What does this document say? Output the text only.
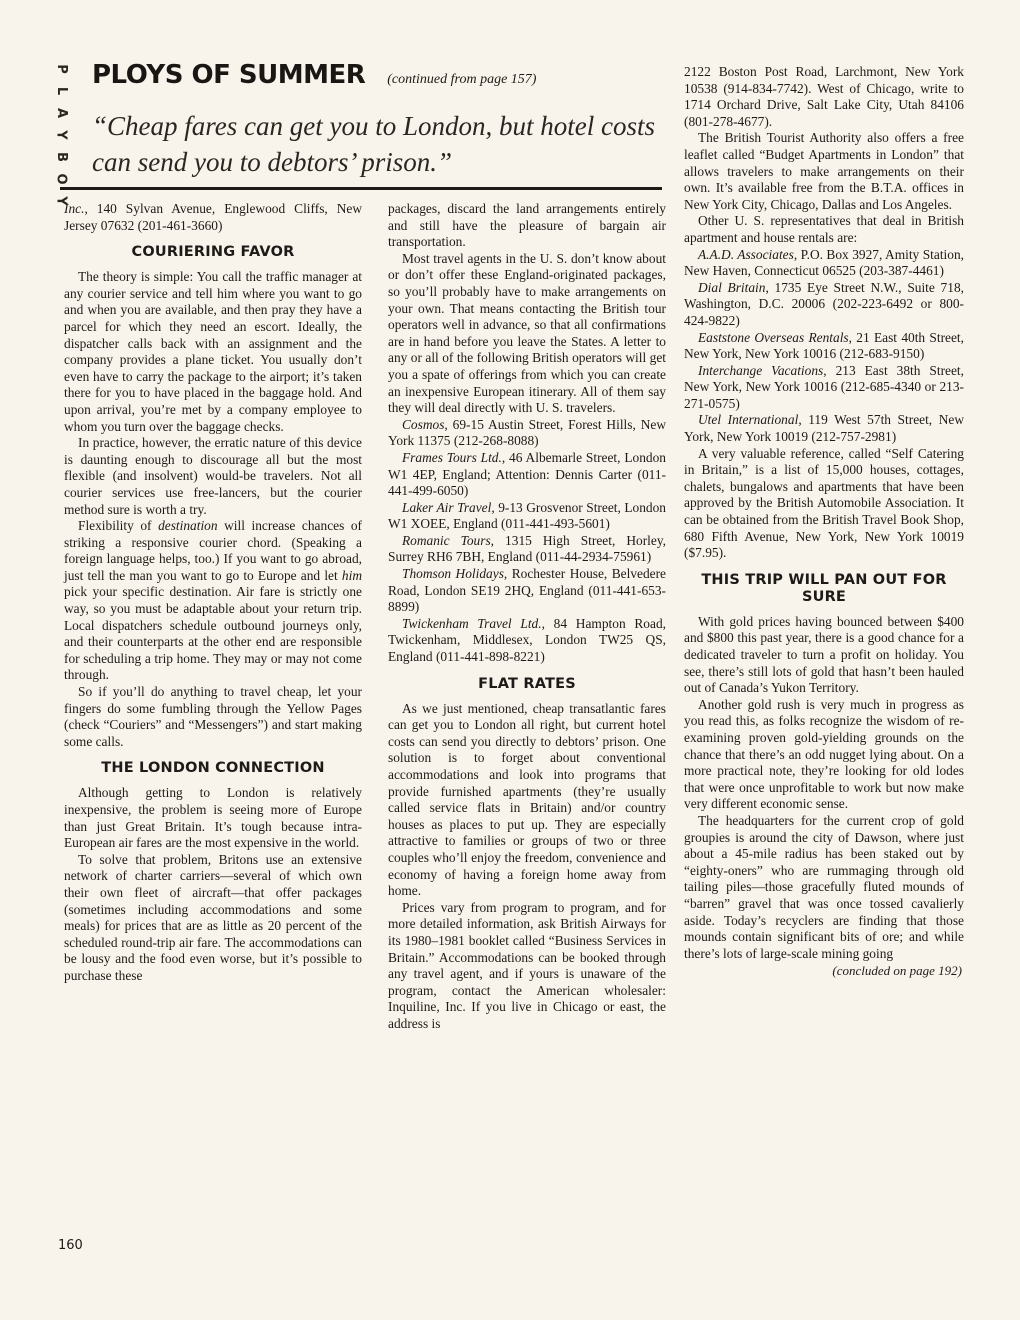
P
L
A
Y
B
O
Y
PLOYS OF SUMMER (continued from page 157)
“Cheap fares can get you to London, but hotel costs can send you to debtors’ prison.”

Inc., 140 Sylvan Avenue, Englewood Cliffs, New Jersey 07632 (201-461-3660)

COURIERING FAVOR

The theory is simple: You call the traffic manager at any courier service and tell him where you want to go and when you are available, and then pray they have a parcel for which they need an escort. Ideally, the dispatcher calls back with an assignment and the company provides a plane ticket. You usually don’t even have to carry the package to the airport; it’s taken there for you to have placed in the baggage hold. And upon arrival, you’re met by a company employee to whom you turn over the baggage checks.

In practice, however, the erratic nature of this device is daunting enough to discourage all but the most flexible (and insolvent) would-be travelers. Not all courier services use free-lancers, but the courier method sure is worth a try.

Flexibility of destination will increase chances of striking a responsive courier chord. (Speaking a foreign language helps, too.) If you want to go abroad, just tell the man you want to go to Europe and let him pick your specific destination. Air fare is strictly one way, so you must be adaptable about your return trip. Local dispatchers schedule outbound journeys only, and their counterparts at the other end are responsible for scheduling a trip home. They may or may not come through.

So if you’ll do anything to travel cheap, let your fingers do some fumbling through the Yellow Pages (check “Couriers” and “Messengers”) and start making some calls.

THE LONDON CONNECTION

Although getting to London is relatively inexpensive, the problem is seeing more of Europe than just Great Britain. It’s tough because intra-European air fares are the most expensive in the world.

To solve that problem, Britons use an extensive network of charter carriers—several of which own their own fleet of aircraft—that offer packages (sometimes including accommodations and some meals) for prices that are as little as 20 percent of the scheduled round-trip air fare. The accommodations can be lousy and the food even worse, but it’s possible to purchase these

packages, discard the land arrangements entirely and still have the pleasure of bargain air transportation.

Most travel agents in the U. S. don’t know about or don’t offer these England-originated packages, so you’ll probably have to make arrangements on your own. That means contacting the British tour operators well in advance, so that all confirmations are in hand before you leave the States. A letter to any or all of the following British operators will get you a spate of offerings from which you can create an inexpensive European itinerary. All of them say they will deal directly with U. S. travelers.

Cosmos, 69-15 Austin Street, Forest Hills, New York 11375 (212-268-8088)

Frames Tours Ltd., 46 Albemarle Street, London W1 4EP, England; Attention: Dennis Carter (011-441-499-6050)

Laker Air Travel, 9-13 Grosvenor Street, London W1 XOEE, England (011-441-493-5601)

Romanic Tours, 1315 High Street, Horley, Surrey RH6 7BH, England (011-44-2934-75961)

Thomson Holidays, Rochester House, Belvedere Road, London SE19 2HQ, England (011-441-653-8899)

Twickenham Travel Ltd., 84 Hampton Road, Twickenham, Middlesex, London TW25 QS, England (011-441-898-8221)

FLAT RATES

As we just mentioned, cheap transatlantic fares can get you to London all right, but current hotel costs can send you directly to debtors’ prison. One solution is to forget about conventional accommodations and look into programs that provide furnished apartments (they’re usually called service flats in Britain) and/or country houses as places to put up. They are especially attractive to families or groups of two or three couples who’ll enjoy the freedom, convenience and economy of having a foreign home away from home.

Prices vary from program to program, and for more detailed information, ask British Airways for its 1980–1981 booklet called “Business Services in Britain.” Accommodations can be booked through any travel agent, and if yours is unaware of the program, contact the American wholesaler: Inquiline, Inc. If you live in Chicago or east, the address is

2122 Boston Post Road, Larchmont, New York 10538 (914-834-7742). West of Chicago, write to 1714 Orchard Drive, Salt Lake City, Utah 84106 (801-278-4677).

The British Tourist Authority also offers a free leaflet called “Budget Apartments in London” that allows travelers to make arrangements on their own. It’s available free from the B.T.A. offices in New York City, Chicago, Dallas and Los Angeles.

Other U. S. representatives that deal in British apartment and house rentals are:

A.A.D. Associates, P.O. Box 3927, Amity Station, New Haven, Connecticut 06525 (203-387-4461)

Dial Britain, 1735 Eye Street N.W., Suite 718, Washington, D.C. 20006 (202-223-6492 or 800-424-9822)

Eaststone Overseas Rentals, 21 East 40th Street, New York, New York 10016 (212-683-9150)

Interchange Vacations, 213 East 38th Street, New York, New York 10016 (212-685-4340 or 213-271-0575)

Utel International, 119 West 57th Street, New York, New York 10019 (212-757-2981)

A very valuable reference, called “Self Catering in Britain,” is a list of 15,000 houses, cottages, chalets, bungalows and apartments that have been approved by the British Automobile Association. It can be obtained from the British Travel Book Shop, 680 Fifth Avenue, New York, New York 10019 ($7.95).

THIS TRIP WILL PAN OUT FOR SURE

With gold prices having bounced between $400 and $800 this past year, there is a good chance for a dedicated traveler to turn a profit on holiday. You see, there’s still lots of gold that hasn’t been hauled out of Canada’s Yukon Territory.

Another gold rush is very much in progress as you read this, as folks recognize the wisdom of re-examining proven gold-yielding grounds on the chance that there’s an odd nugget lying about. On a more practical note, they’re looking for old lodes that were once unprofitable to work but now make very different economic sense.

The headquarters for the current crop of gold groupies is around the city of Dawson, where just about a 45-mile radius has been staked out by “eighty-oners” who are rummaging through old tailing piles—those gracefully fluted mounds of “barren” gravel that was once tossed cavalierly aside. Today’s recyclers are finding that those mounds contain significant bits of ore; and while there’s lots of large-scale mining going

(concluded on page 192)
160
